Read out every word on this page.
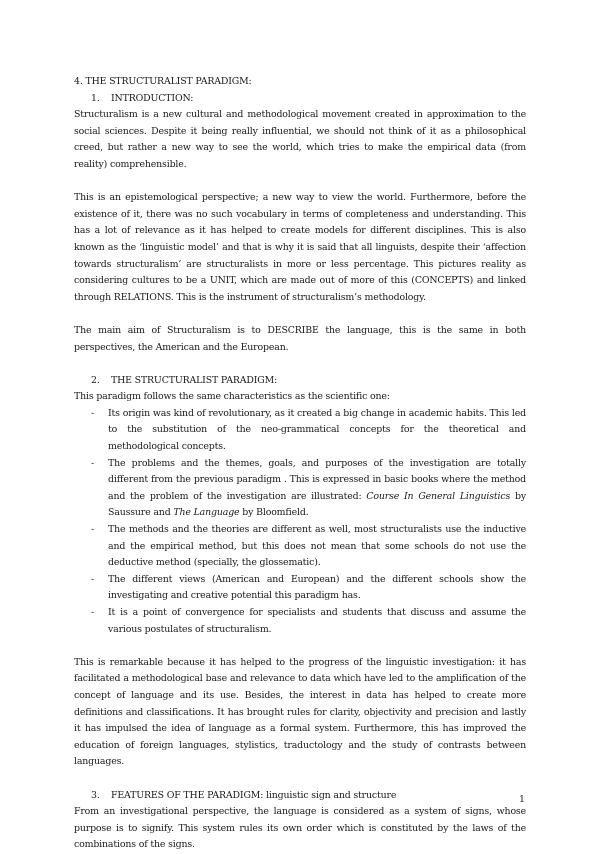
4. THE STRUCTURALIST PARADIGM:

1. INTRODUCTION:

Structuralism is a new cultural and methodological movement created in approximation to the social sciences. Despite it being really influential, we should not think of it as a philosophical creed, but rather a new way to see the world, which tries to make the empirical data (from reality) comprehensible.

This is an epistemological perspective; a new way to view the world. Furthermore, before the existence of it, there was no such vocabulary in terms of completeness and understanding. This has a lot of relevance as it has helped to create models for different disciplines. This is also known as the ‘linguistic model’ and that is why it is said that all linguists, despite their ‘affection towards structuralism’ are structuralists in more or less percentage. This pictures reality as considering cultures to be a UNIT, which are made out of more of this (CONCEPTS) and linked through RELATIONS. This is the instrument of structuralism’s methodology.

The main aim of Structuralism is to DESCRIBE the language, this is the same in both perspectives, the American and the European.

2. THE STRUCTURALIST PARADIGM:

This paradigm follows the same characteristics as the scientific one:

- Its origin was kind of revolutionary, as it created a big change in academic habits. This led to the substitution of the neo-grammatical concepts for the theoretical and methodological concepts.
- The problems and the themes, goals, and purposes of the investigation are totally different from the previous paradigm . This is expressed in basic books where the method and the problem of the investigation are illustrated: Course In General Linguistics by Saussure and The Language by Bloomfield.
- The methods and the theories are different as well, most structuralists use the inductive and the empirical method, but this does not mean that some schools do not use the deductive method (specially, the glossematic).
- The different views (American and European) and the different schools show the investigating and creative potential this paradigm has.
- It is a point of convergence for specialists and students that discuss and assume the various postulates of structuralism.

This is remarkable because it has helped to the progress of the linguistic investigation: it has facilitated a methodological base and relevance to data which have led to the amplification of the concept of language and its use. Besides, the interest in data has helped to create more definitions and classifications. It has brought rules for clarity, objectivity and precision and lastly it has impulsed the idea of language as a formal system. Furthermore, this has improved the education of foreign languages, stylistics, traductology and the study of contrasts between languages.

3. FEATURES OF THE PARADIGM: linguistic sign and structure

From an investigational perspective, the language is considered as a system of signs, whose purpose is to signify. This system rules its own order which is constituted by the laws of the combinations of the signs.

1
